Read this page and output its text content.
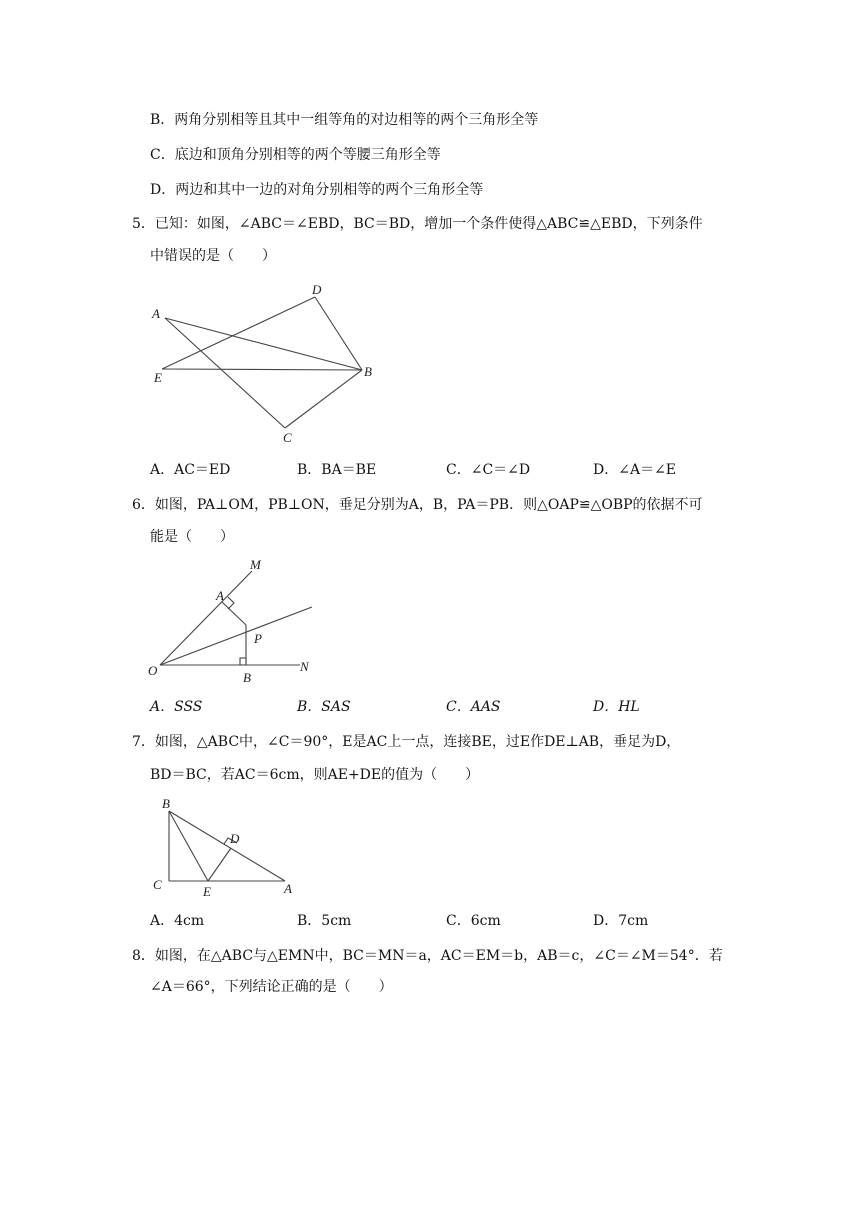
B．两角分别相等且其中一组等角的对边相等的两个三角形全等
C．底边和顶角分别相等的两个等腰三角形全等
D．两边和其中一边的对角分别相等的两个三角形全等
5．已知：如图，∠ABC＝∠EBD，BC＝BD，增加一个条件使得△ABC≌△EBD，下列条件
中错误的是（　　）
A
D
E	B
C
A．AC＝ED	B．BA＝BE	C．∠C＝∠D	D．∠A＝∠E
6．如图，PA⊥OM，PB⊥ON，垂足分别为A，B，PA＝PB．则△OAP≌△OBP的依据不可
能是（　　）
M
A
P
O	B
N
A．SSS	B．SAS	C．AAS	D．HL
7．如图，△ABC中，∠C＝90°，E是AC上一点，连接BE，过E作DE⊥AB，垂足为D，
BD＝BC，若AC＝6cm，则AE+DE的值为（　　）
B
D
C	E	A
A．4cm	B．5cm	C．6cm	D．7cm
8．如图，在△ABC与△EMN中，BC＝MN＝a，AC＝EM＝b，AB＝c，∠C＝∠M＝54°．若
∠A＝66°，下列结论正确的是（　　）
